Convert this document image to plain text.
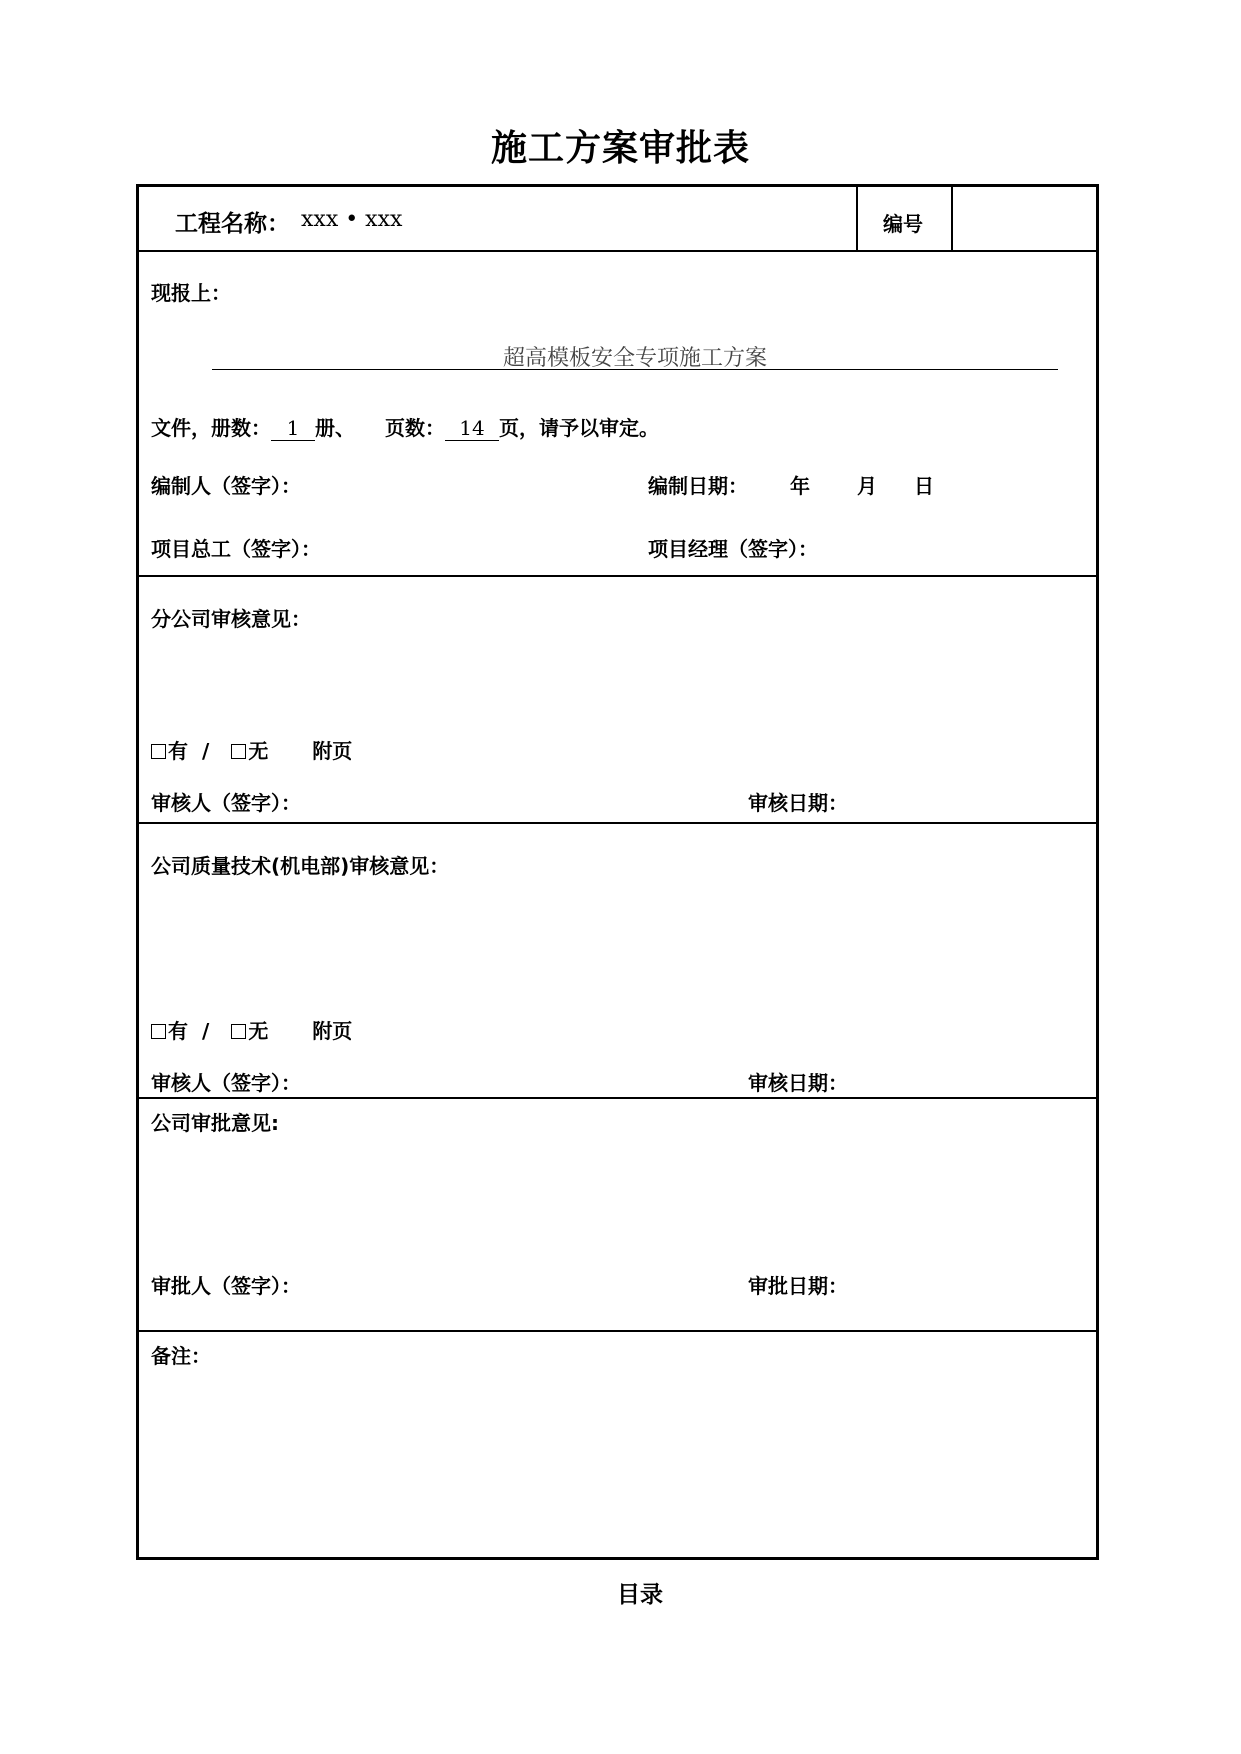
施工方案审批表
工程名称： xxx • xxx	编号
现报上：
超高模板安全专项施工方案
文件，册数： 1 册、 页数： 14 页，请予以审定。
编制人（签字）：	编制日期： 年 月 日
项目总工（签字）：	项目经理（签字）：
分公司审核意见：
有 / 无 附页
审核人（签字）：	审核日期：
公司质量技术(机电部)审核意见：
有 / 无 附页
审核人（签字）：	审核日期：
公司审批意见:
审批人（签字）：	审批日期：
备注：
目录
